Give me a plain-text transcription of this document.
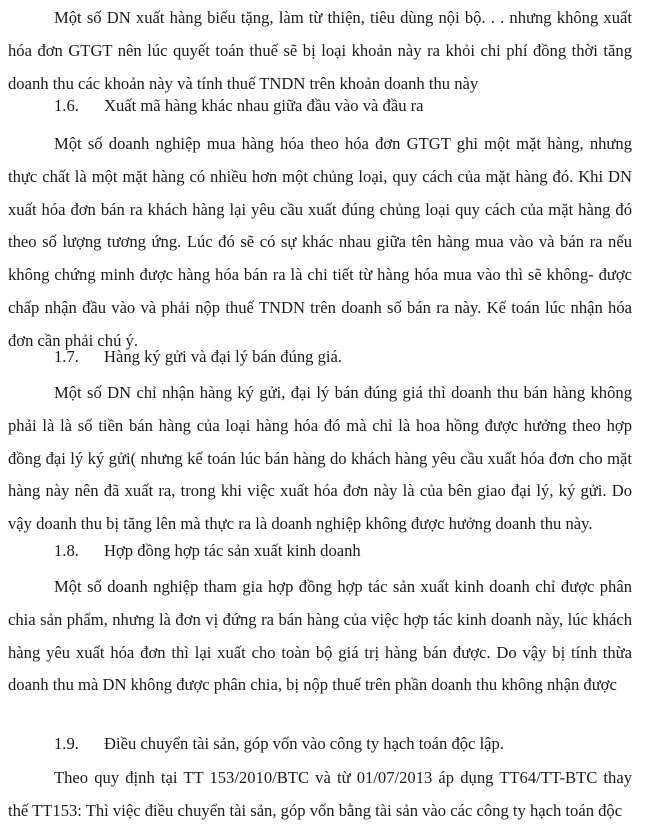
Một số DN xuất hàng biếu tặng, làm từ thiện, tiêu dùng nội bộ. . . nhưng không xuất hóa đơn GTGT nên lúc quyết toán thuế sẽ bị loại khoản này ra khỏi chi phí đồng thời tăng doanh thu các khoản này và tính thuế TNDN trên khoản doanh thu này

1.6. Xuất mã hàng khác nhau giữa đầu vào và đầu ra

Một số doanh nghiệp mua hàng hóa theo hóa đơn GTGT ghi một mặt hàng, nhưng thực chất là một mặt hàng có nhiều hơn một chủng loại, quy cách của mặt hàng đó. Khi DN xuất hóa đơn bán ra khách hàng lại yêu cầu xuất đúng chủng loại quy cách của mặt hàng đó theo số lượng tương ứng. Lúc đó sẽ có sự khác nhau giữa tên hàng mua vào và bán ra nếu không chứng minh được hàng hóa bán ra là chi tiết từ hàng hóa mua vào thì sẽ không- được chấp nhận đầu vào và phải nộp thuế TNDN trên doanh số bán ra này. Kế toán lúc nhận hóa đơn cần phải chú ý.

1.7. Hàng ký gửi và đại lý bán đúng giá.

Một số DN chỉ nhận hàng ký gửi, đại lý bán đúng giá thì doanh thu bán hàng không phải là là số tiền bán hàng của loại hàng hóa đó mà chỉ là hoa hồng được hưởng theo hợp đồng đại lý ký gửi( nhưng kế toán lúc bán hàng do khách hàng yêu cầu xuất hóa đơn cho mặt hàng này nên đã xuất ra, trong khi việc xuất hóa đơn này là của bên giao đại lý, ký gửi. Do vậy doanh thu bị tăng lên mà thực ra là doanh nghiệp không được hưởng doanh thu này.

1.8. Hợp đồng hợp tác sản xuất kinh doanh

Một số doanh nghiệp tham gia hợp đồng hợp tác sản xuất kinh doanh chỉ được phân chia sản phẩm, nhưng là đơn vị đứng ra bán hàng của việc hợp tác kinh doanh này, lúc khách hàng yêu xuất hóa đơn thì lại xuất cho toàn bộ giá trị hàng bán được. Do vậy bị tính thừa doanh thu mà DN không được phân chia, bị nộp thuế trên phần doanh thu không nhận được

1.9. Điều chuyển tài sản, góp vốn vào công ty hạch toán độc lập.

Theo quy định tại TT 153/2010/BTC và từ 01/07/2013 áp dụng TT64/TT-BTC thay thế TT153: Thì việc điều chuyển tài sản, góp vốn bằng tài sản vào các công ty hạch toán độc
